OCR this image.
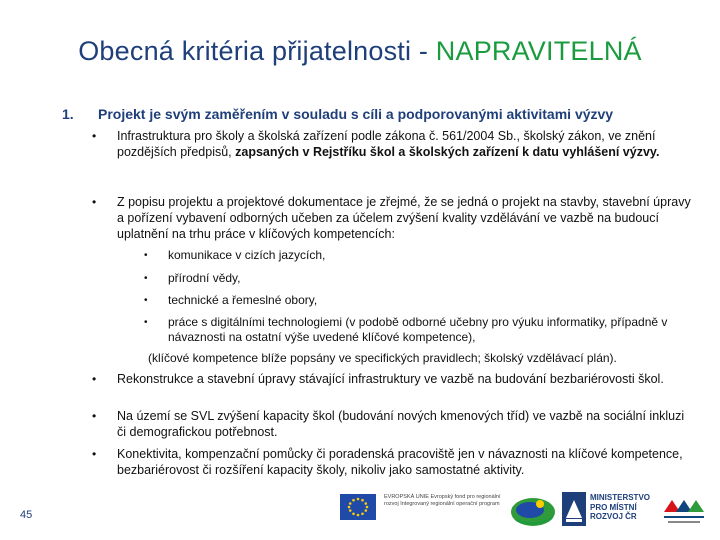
Obecná kritéria přijatelnosti - NAPRAVITELNÁ
1. Projekt je svým zaměřením v souladu s cíli a podporovanými aktivitami výzvy
• Infrastruktura pro školy a školská zařízení podle zákona č. 561/2004 Sb., školský zákon, ve znění pozdějších předpisů, zapsaných v Rejstříku škol a školských zařízení k datu vyhlášení výzvy.
• Z popisu projektu a projektové dokumentace je zřejmé, že se jedná o projekt na stavby, stavební úpravy a pořízení vybavení odborných učeben za účelem zvýšení kvality vzdělávání ve vazbě na budoucí uplatnění na trhu práce v klíčových kompetencích:
• komunikace v cizích jazycích,
• přírodní vědy,
• technické a řemeslné obory,
• práce s digitálními technologiemi (v podobě odborné učebny pro výuku informatiky, případně v návaznosti na ostatní výše uvedené klíčové kompetence),
(klíčové kompetence blíže popsány ve specifických pravidlech; školský vzdělávací plán).
• Rekonstrukce a stavební úpravy stávající infrastruktury ve vazbě na budování bezbariérovosti škol.
• Na území se SVL zvýšení kapacity škol (budování nových kmenových tříd) ve vazbě na sociální inkluzi či demografickou potřebnost.
• Konektivita, kompenzační pomůcky či poradenská pracoviště jen v návaznosti na klíčové kompetence, bezbariérovost či rozšíření kapacity školy, nikoliv jako samostatné aktivity.
45
EVROPSKÁ UNIE Evropský fond pro regionální rozvoj Integrovaný regionální operační program
MINISTERSTVO PRO MÍSTNÍ ROZVOJ ČR
